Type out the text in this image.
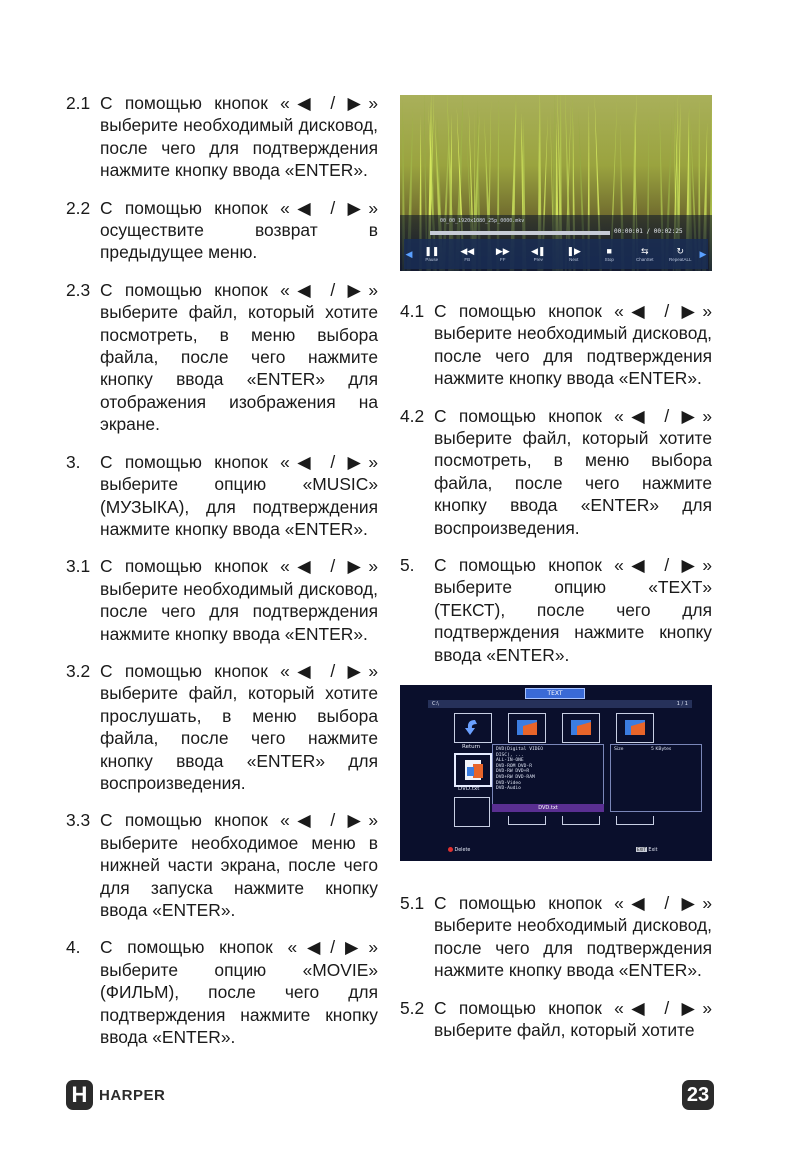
2.1 С помощью кнопок «◀ / ▶» выберите необходимый дисковод, после чего для подтверждения нажмите кнопку ввода «ENTER».
2.2 С помощью кнопок «◀ / ▶» осуществите возврат в предыдущее меню.
2.3 С помощью кнопок «◀ / ▶» выберите файл, который хотите посмотреть, в меню выбора файла, после чего нажмите кнопку ввода «ENTER» для отображения изображения на экране.
3.	С помощью кнопок «◀ / ▶» выберите опцию «MUSIC» (МУЗЫКА), для подтверждения нажмите кнопку ввода «ENTER».
3.1 С помощью кнопок «◀ / ▶» выберите необходимый дисковод, после чего для подтверждения нажмите кнопку ввода «ENTER».
3.2 С помощью кнопок «◀ / ▶» выберите файл, который хотите прослушать, в меню выбора файла, после чего нажмите кнопку ввода «ENTER» для воспроизведения.
3.3 С помощью кнопок «◀ / ▶» выберите необходимое меню в нижней части экрана, после чего для запуска нажмите кнопку ввода «ENTER».
4.	С помощью кнопок «◀/▶» выберите опцию «MOVIE» (ФИЛЬМ), после чего для подтверждения нажмите кнопку ввода «ENTER».
00_00_1920x1080_25p_0000.mkv
00:00:01 / 00:02:25
◀ ❚❚
Pause
◀◀
FB
▶▶
FF
◀❚
Prev
❚▶
Next
■
Stop
⇆
ChanSet
↻
RepeatALL
▶
4.1 С помощью кнопок «◀ / ▶» выберите необходимый дисковод, после чего для подтверждения нажмите кнопку ввода «ENTER».
4.2 С помощью кнопок «◀ / ▶» выберите файл, который хотите посмотреть, в меню выбора файла, после чего нажмите кнопку ввода «ENTER» для воспроизведения.
5.	С помощью кнопок «◀ / ▶» выберите опцию «TEXT» (ТЕКСТ), после чего для подтверждения нажмите кнопку ввода «ENTER».
TEXT
C:\	1 / 1
Return
DVD.txt
DVD(Digital VIDEO
DISC), ...
ALL-IN-ONE
DVD-ROM DVD-R
DVD-RW DVD+R
DVD+RW DVD-RAM
DVD-Video
DVD-Audio
Size	5 KBytes
DVD.txt
Delete	EXIT Exit
5.1 С помощью кнопок «◀ / ▶» выберите необходимый дисковод, после чего для подтверждения нажмите кнопку ввода «ENTER».
5.2 С помощью кнопок «◀ / ▶» выберите файл, который хотите
H HARPER	23
